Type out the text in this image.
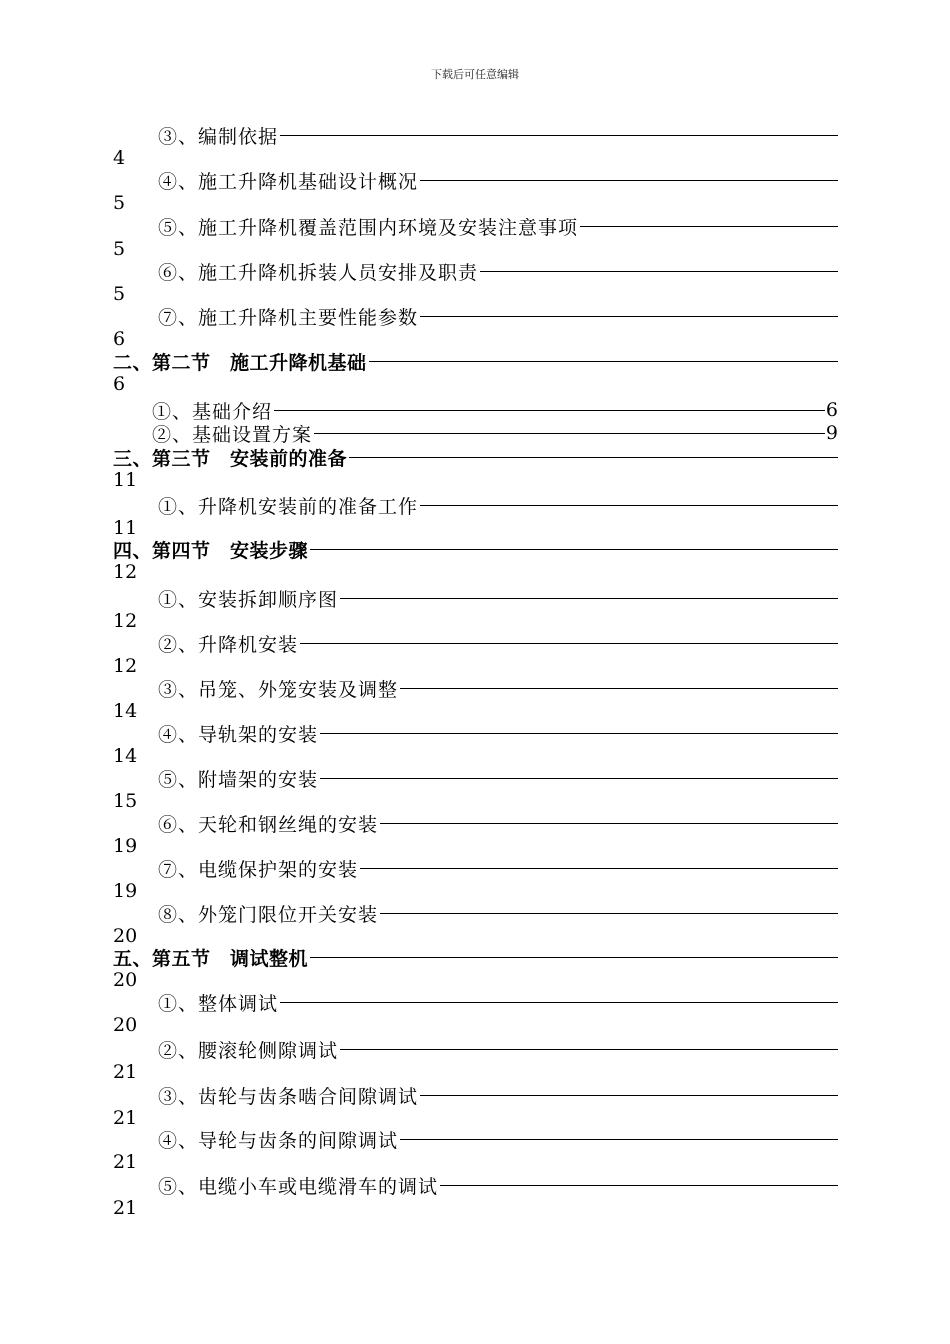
下载后可任意编辑
③、编制依据
4
④、施工升降机基础设计概况
5
⑤、施工升降机覆盖范围内环境及安装注意事项
5
⑥、施工升降机拆装人员安排及职责
5
⑦、施工升降机主要性能参数
6
二、第二节　施工升降机基础
6
①、基础介绍	6
②、基础设置方案	9
三、第三节　安装前的准备
11
①、升降机安装前的准备工作
11
四、第四节　安装步骤
12
①、安装拆卸顺序图
12
②、升降机安装
12
③、吊笼、外笼安装及调整
14
④、导轨架的安装
14
⑤、附墙架的安装
15
⑥、天轮和钢丝绳的安装
19
⑦、电缆保护架的安装
19
⑧、外笼门限位开关安装
20
五、第五节　调试整机
20
①、整体调试
20
②、腰滚轮侧隙调试
21
③、齿轮与齿条啮合间隙调试
21
④、导轮与齿条的间隙调试
21
⑤、电缆小车或电缆滑车的调试
21
